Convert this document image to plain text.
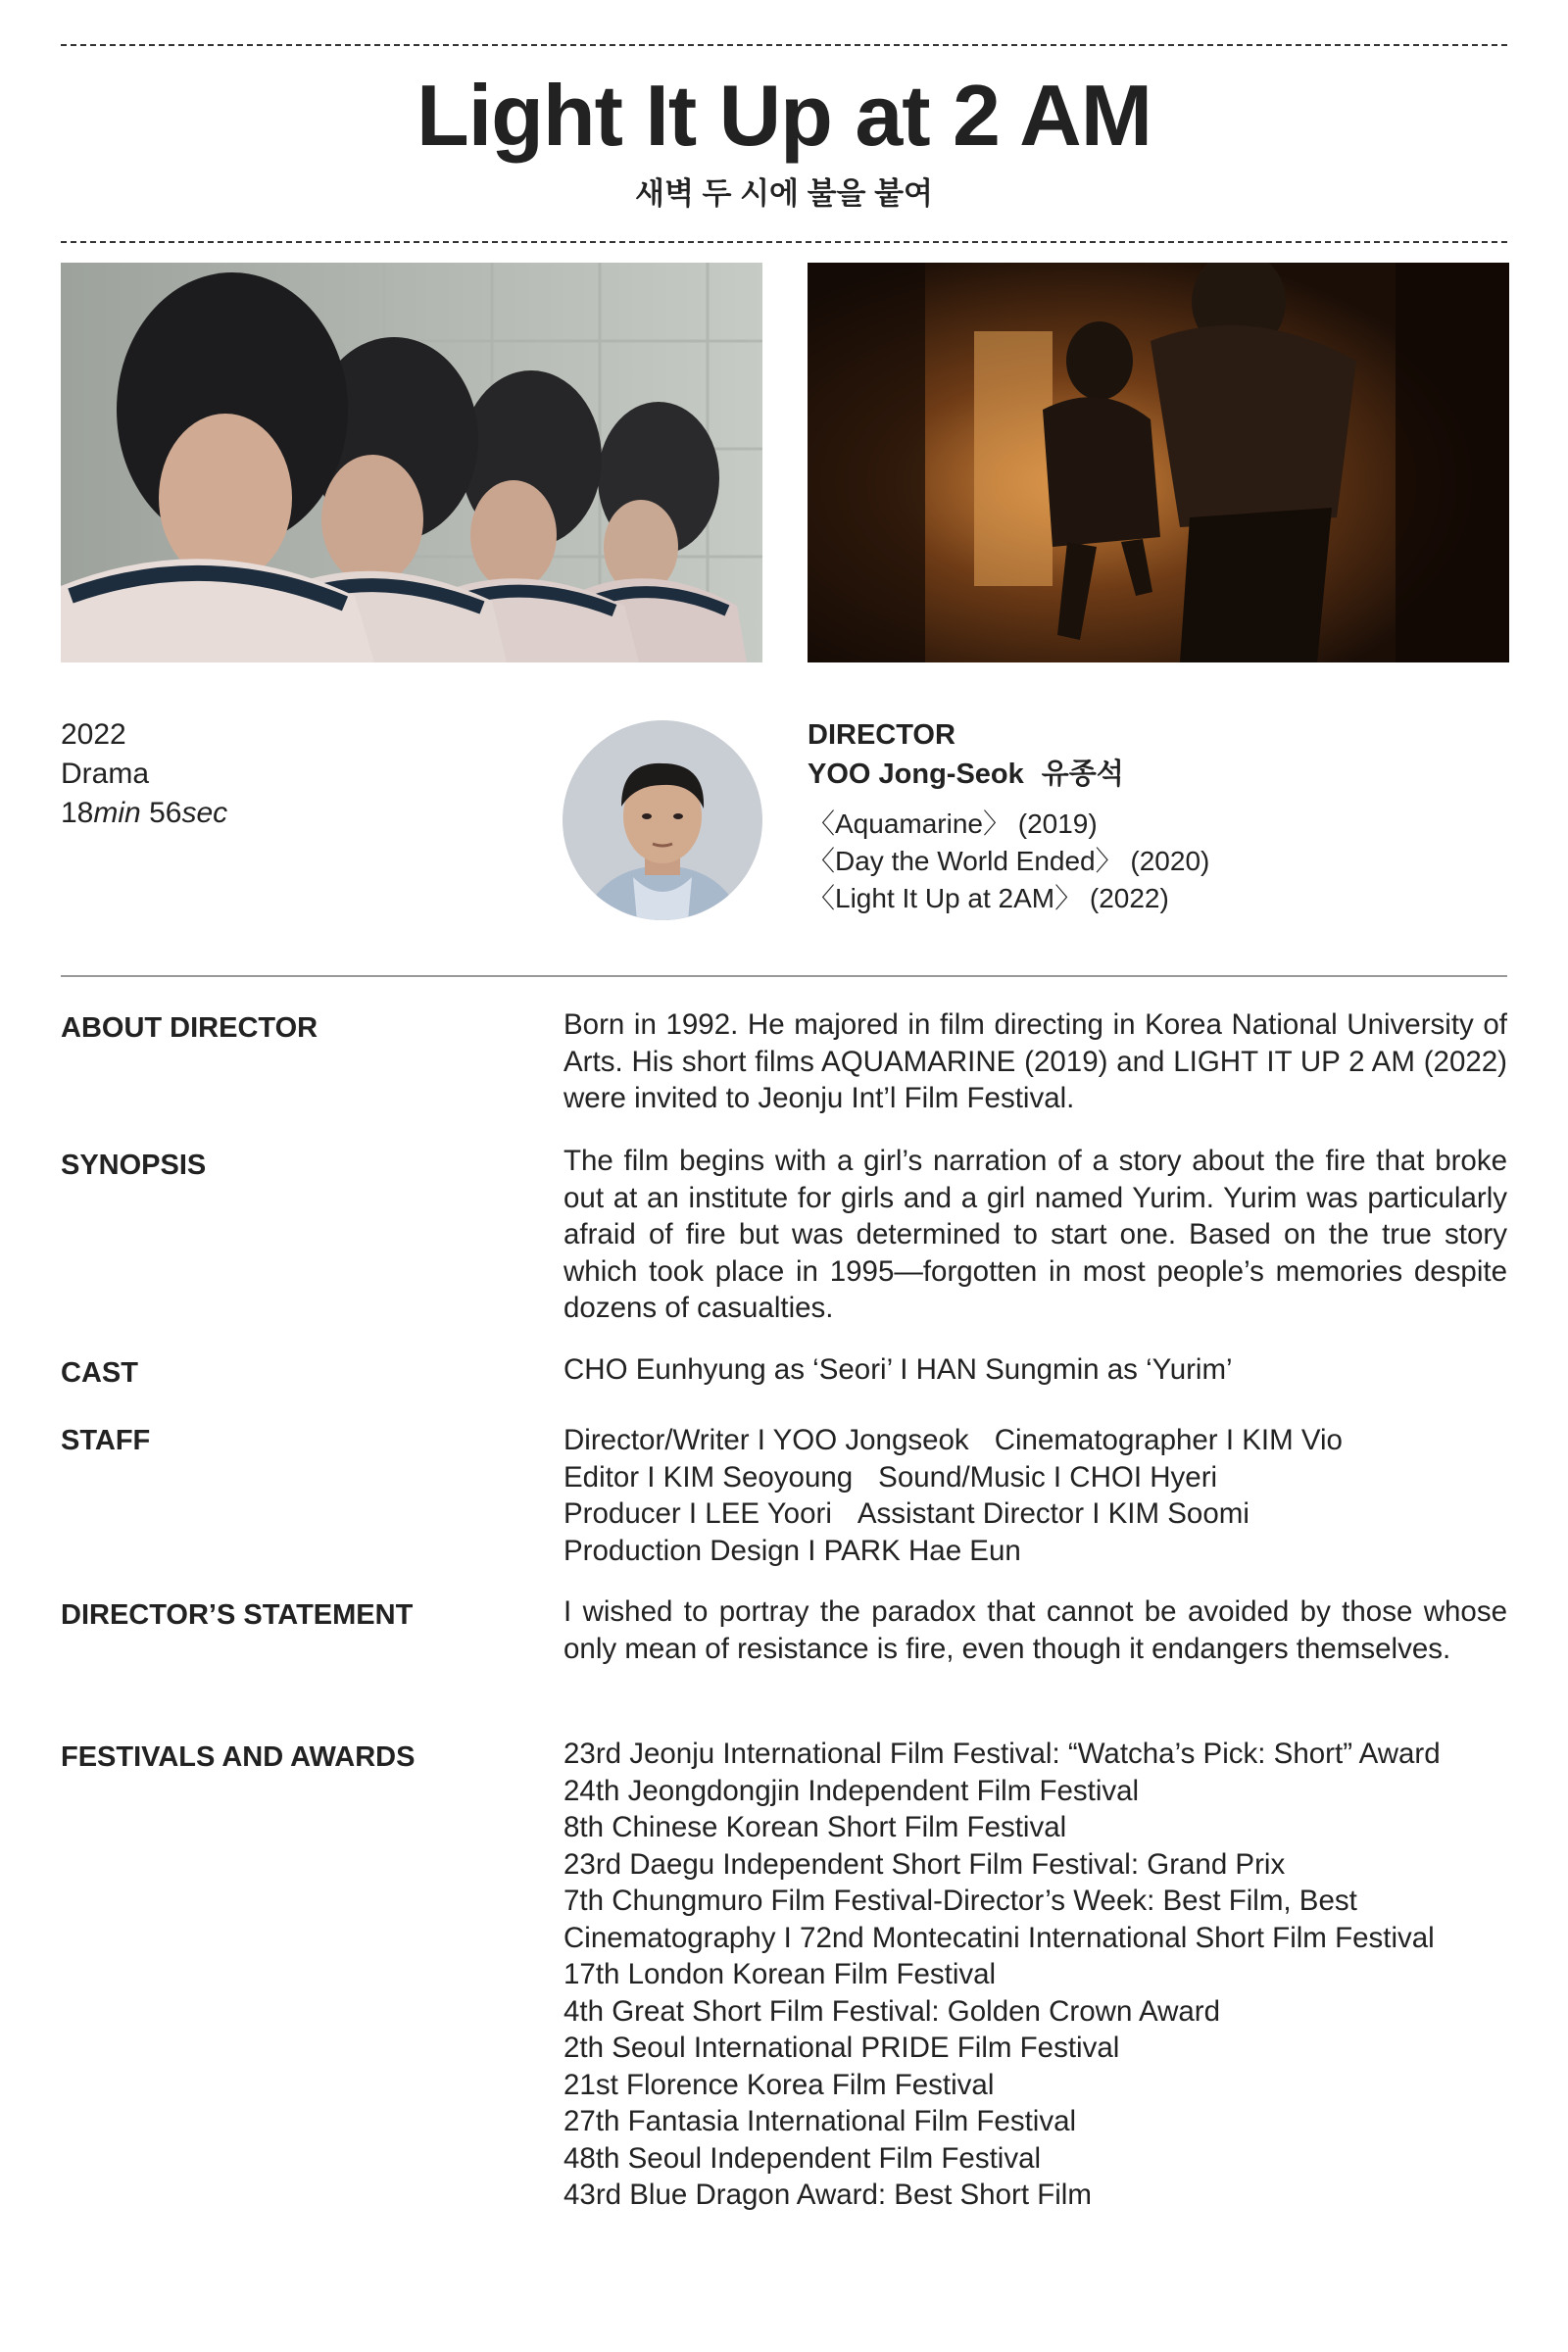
Light It Up at 2 AM
새벽 두 시에 불을 붙여
2022
Drama
18min 56sec
DIRECTOR
YOO Jong-Seok 유종석
〈Aquamarine〉 (2019)
〈Day the World Ended〉 (2020)
〈Light It Up at 2AM〉 (2022)
ABOUT DIRECTOR	Born in 1992. He majored in film directing in Korea National University of Arts. His short films AQUAMARINE (2019) and LIGHT IT UP 2 AM (2022) were invited to Jeonju Int’l Film Festival.
SYNOPSIS	The film begins with a girl’s narration of a story about the fire that broke out at an institute for girls and a girl named Yurim. Yurim was particularly afraid of fire but was determined to start one. Based on the true story which took place in 1995—forgotten in most people’s memories despite dozens of casualties.
CAST	CHO Eunhyung as ‘Seori’ I HAN Sungmin as ‘Yurim’
STAFF	Director/Writer I YOO Jongseok Cinematographer I KIM Vio
Editor I KIM Seoyoung Sound/Music I CHOI Hyeri
Producer I LEE Yoori Assistant Director I KIM Soomi
Production Design I PARK Hae Eun
DIRECTOR’S STATEMENT	I wished to portray the paradox that cannot be avoided by those whose only mean of resistance is fire, even though it endangers themselves.
FESTIVALS AND AWARDS	23rd Jeonju International Film Festival: “Watcha’s Pick: Short” Award
24th Jeongdongjin Independent Film Festival
8th Chinese Korean Short Film Festival
23rd Daegu Independent Short Film Festival: Grand Prix
7th Chungmuro Film Festival-Director’s Week: Best Film, Best
Cinematography I 72nd Montecatini International Short Film Festival
17th London Korean Film Festival
4th Great Short Film Festival: Golden Crown Award
2th Seoul International PRIDE Film Festival
21st Florence Korea Film Festival
27th Fantasia International Film Festival
48th Seoul Independent Film Festival
43rd Blue Dragon Award: Best Short Film
